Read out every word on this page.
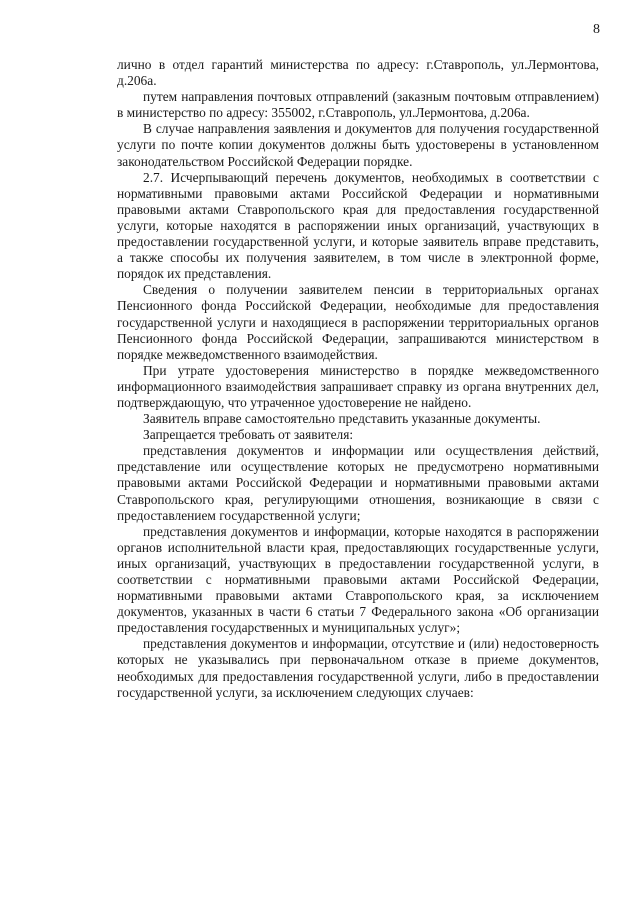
8

лично в отдел гарантий министерства по адресу: г.Ставрополь, ул.Лермонтова, д.206а.

путем направления почтовых отправлений (заказным почтовым отправлением) в министерство по адресу: 355002, г.Ставрополь, ул.Лермонтова, д.206а.

В случае направления заявления и документов для получения государственной услуги по почте копии документов должны быть удостоверены в установленном законодательством Российской Федерации порядке.

2.7. Исчерпывающий перечень документов, необходимых в соответствии с нормативными правовыми актами Российской Федерации и нормативными правовыми актами Ставропольского края для предоставления государственной услуги, которые находятся в распоряжении иных организаций, участвующих в предоставлении государственной услуги, и которые заявитель вправе представить, а также способы их получения заявителем, в том числе в электронной форме, порядок их представления.

Сведения о получении заявителем пенсии в территориальных органах Пенсионного фонда Российской Федерации, необходимые для предоставления государственной услуги и находящиеся в распоряжении территориальных органов Пенсионного фонда Российской Федерации, запрашиваются министерством в порядке межведомственного взаимодействия.

При утрате удостоверения министерство в порядке межведомственного информационного взаимодействия запрашивает справку из органа внутренних дел, подтверждающую, что утраченное удостоверение не найдено.

Заявитель вправе самостоятельно представить указанные документы.

Запрещается требовать от заявителя:

представления документов и информации или осуществления действий, представление или осуществление которых не предусмотрено нормативными правовыми актами Российской Федерации и нормативными правовыми актами Ставропольского края, регулирующими отношения, возникающие в связи с предоставлением государственной услуги;

представления документов и информации, которые находятся в распоряжении органов исполнительной власти края, предоставляющих государственные услуги, иных организаций, участвующих в предоставлении государственной услуги, в соответствии с нормативными правовыми актами Российской Федерации, нормативными правовыми актами Ставропольского края, за исключением документов, указанных в части 6 статьи 7 Федерального закона «Об организации предоставления государственных и муниципальных услуг»;

представления документов и информации, отсутствие и (или) недостоверность которых не указывались при первоначальном отказе в приеме документов, необходимых для предоставления государственной услуги, либо в предоставлении государственной услуги, за исключением следующих случаев:
